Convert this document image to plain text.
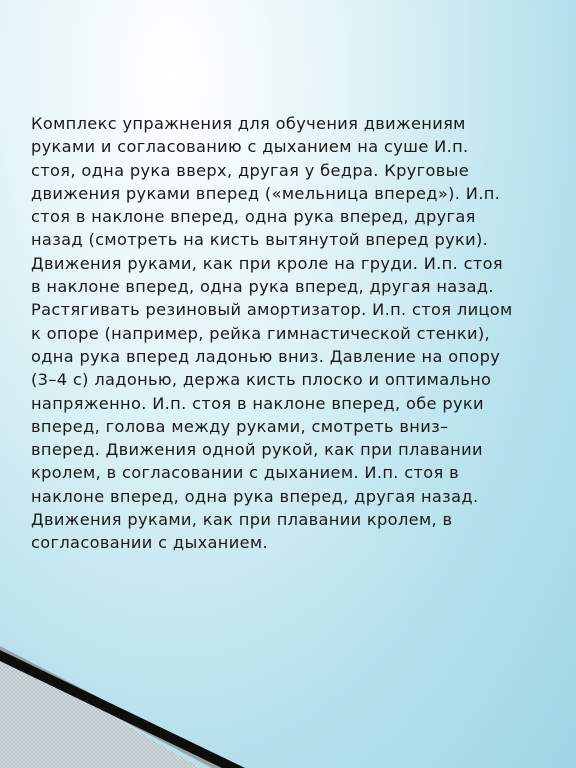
Комплекс упражнения для обучения движениям
руками и согласованию с дыханием на суше И.п.
стоя, одна рука вверх, другая у бедра. Круговые
движения руками вперед («мельница вперед»). И.п.
стоя в наклоне вперед, одна рука вперед, другая
назад (смотреть на кисть вытянутой вперед руки).
Движения руками, как при кроле на груди. И.п. стоя
в наклоне вперед, одна рука вперед, другая назад.
Растягивать резиновый амортизатор. И.п. стоя лицом
к опоре (например, рейка гимнастической стенки),
одна рука вперед ладонью вниз. Давление на опору
(3–4 с) ладонью, держа кисть плоско и оптимально
напряженно. И.п. стоя в наклоне вперед, обе руки
вперед, голова между руками, смотреть вниз–
вперед. Движения одной рукой, как при плавании
кролем, в согласовании с дыханием. И.п. стоя в
наклоне вперед, одна рука вперед, другая назад.
Движения руками, как при плавании кролем, в
согласовании с дыханием.
